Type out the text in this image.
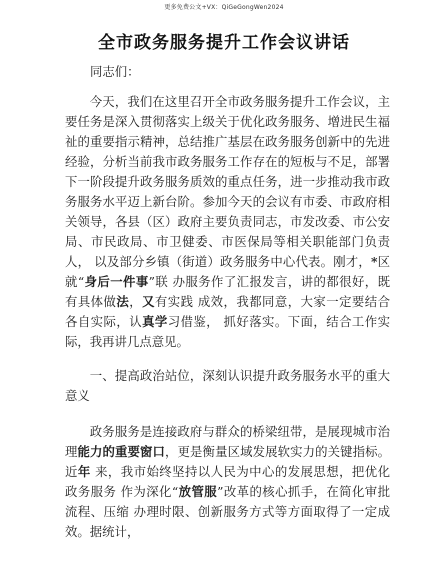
更多免费公文+VX：QiGeGongWen2024
全市政务服务提升工作会议讲话
同志们：

今天，我们在这里召开全市政务服务提升工作会议，主要任务是深入贯彻落实上级关于优化政务服务、增进民生福祉的重要指示精神，总结推广基层在政务服务创新中的先进经验，分析当前我市政务服务工作存在的短板与不足，部署下一阶段提升政务服务质效的重点任务，进一步推动我市政务服务水平迈上新台阶。参加今天的会议有市委、市政府相关领导，各县（区）政府主要负责同志，市发改委、市公安局、市民政局、市卫健委、市医保局等相关职能部门负责人， 以及部分乡镇（街道）政务服务中心代表。刚才，*区就“身后一件事”联 办服务作了汇报发言，讲的都很好，既有具体做法，又有实践 成效，我都同意，大家一定要结合各自实际，认真学习借鉴， 抓好落实。下面，结合工作实际，我再讲几点意见。

一、提高政治站位，深刻认识提升政务服务水平的重大意义

政务服务是连接政府与群众的桥梁纽带，是展现城市治理能力的重要窗口，更是衡量区域发展软实力的关键指标。近年 来，我市始终坚持以人民为中心的发展思想，把优化政务服务 作为深化“放管服”改革的核心抓手，在简化审批流程、压缩 办理时限、创新服务方式等方面取得了一定成效。据统计，
